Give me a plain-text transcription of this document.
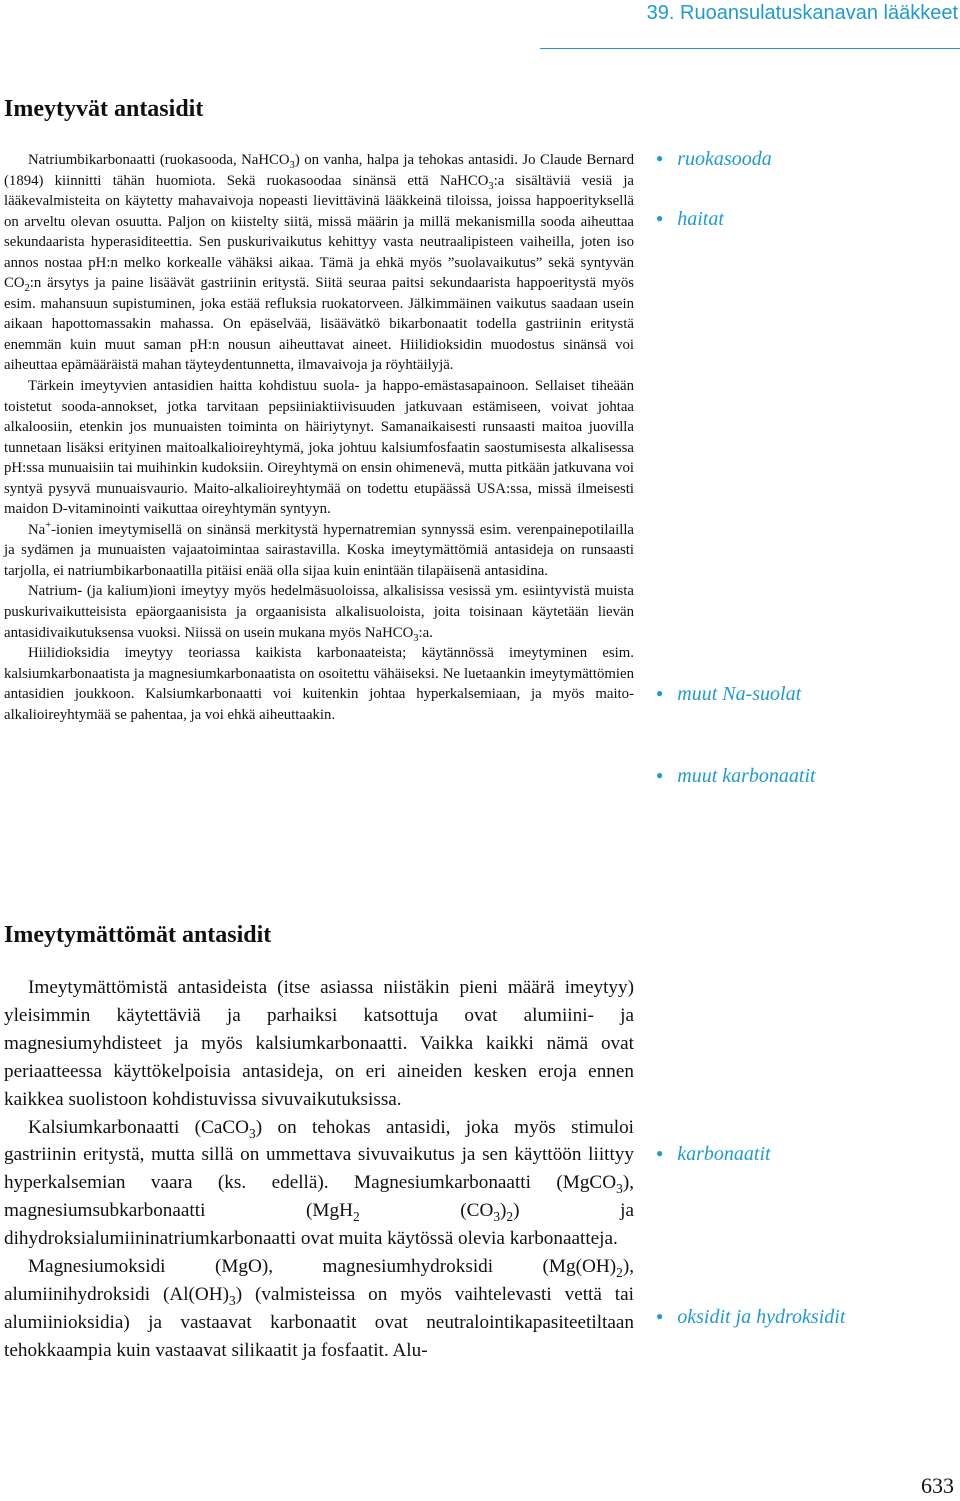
39. Ruoansulatuskanavan lääkkeet
Imeytyvät antasidit

Natriumbikarbonaatti (ruokasooda, NaHCO$_3$) on vanha, halpa ja tehokas antasidi. Jo Claude Bernard (1894) kiinnitti tähän huomiota. Sekä ruokasoodaa sinänsä että NaHCO$_3$:a sisältäviä vesiä ja lääkevalmisteita on käytetty mahavaivoja nopeasti lievittävinä lääkkeinä tiloissa, joissa happoerityksellä on arveltu olevan osuutta. Paljon on kiistelty siitä, missä määrin ja millä mekanismilla sooda aiheuttaa sekundaarista hyperasiditeettia. Sen puskurivaikutus kehittyy vasta neutraalipisteen vaiheilla, joten iso annos nostaa pH:n melko korkealle vähäksi aikaa. Tämä ja ehkä myös ”suolavaikutus” sekä syntyvän $CO_2:n$ ärsytys ja paine lisäävät gastriinin eritystä. Siitä seuraa paitsi sekundaarista happoeritystä myös esim. mahansuun supistuminen, joka estää refluksia ruokatorveen. Jälkimmäinen vaikutus saadaan usein aikaan hapottomassakin mahassa. On epäselvää, lisäävätkö bikarbonaatit todella gastriinin eritystä enemmän kuin muut saman pH:n nousun aiheuttavat aineet. Hiilidioksidin muodostus sinänsä voi aiheuttaa epämääräistä mahan täyteydentunnetta, ilmavaivoja ja röyhtäilyjä.

Tärkein imeytyvien antasidien haitta kohdistuu suola- ja happo-emästasapainoon. Sellaiset tiheään toistetut sooda-annokset, jotka tarvitaan pepsiiniaktiivisuuden jatkuvaan estämiseen, voivat johtaa alkaloosiin, etenkin jos munuaisten toiminta on häiriytynyt. Samanaikaisesti runsaasti maitoa juovilla tunnetaan lisäksi erityinen maitoalkalioireyhtymä, joka johtuu kalsiumfosfaatin saostumisesta alkalisessa pH:ssa munuaisiin tai muihinkin kudoksiin. Oireyhtymä on ensin ohimenevä, mutta pitkään jatkuvana voi syntyä pysyvä munuaisvaurio. Maito-alkalioireyhtymää on todettu etupäässä USA:ssa, missä ilmeisesti maidon D-vitaminointi vaikuttaa oireyhtymän syntyyn.

Na+-ionien imeytymisellä on sinänsä merkitystä hypernatremian synnyssä esim. verenpainepotilailla ja sydämen ja munuaisten vajaatoimintaa sairastavilla. Koska imeytymättömiä antasideja on runsaasti tarjolla, ei natriumbikarbonaatilla pitäisi enää olla sijaa kuin enintään tilapäisenä antasidina.

Natrium- (ja kalium)ioni imeytyy myös hedelmäsuoloissa, alkalisissa vesissä ym. esiintyvistä muista puskurivaikutteisista epäorgaanisista ja orgaanisista alkalisuoloista, joita toisinaan käytetään lievän antasidivaikutuksensa vuoksi. Niissä on usein mukana myös NaHCO$_3$:a.

Hiilidioksidia imeytyy teoriassa kaikista karbonaateista; käytännössä imeytyminen esim. kalsiumkarbonaatista ja magnesiumkarbonaatista on osoitettu vähäiseksi. Ne luetaankin imeytymättömien antasidien joukkoon. Kalsiumkarbonaatti voi kuitenkin johtaa hyperkalsemiaan, ja myös maito-alkalioireyhtymää se pahentaa, ja voi ehkä aiheuttaakin.

Imeytymättömät antasidit

Imeytymättömistä antasideista (itse asiassa niistäkin pieni määrä imeytyy) yleisimmin käytettäviä ja parhaiksi katsottuja ovat alumiini- ja magnesiumyhdisteet ja myös kalsiumkarbonaatti. Vaikka kaikki nämä ovat periaatteessa käyttökelpoisia antasideja, on eri aineiden kesken eroja ennen kaikkea suolistoon kohdistuvissa sivuvaikutuksissa.

Kalsiumkarbonaatti (CaCO$_3$) on tehokas antasidi, joka myös stimuloi gastriinin eritystä, mutta sillä on ummettava sivuvaikutus ja sen käyttöön liittyy hyperkalsemian vaara (ks. edellä). Magnesiumkarbonaatti (MgCO$_3$), magnesiumsubkarbonaatti (MgH$_2$ $(CO_3)_2$) ja dihydroksialumiininatriumkarbonaatti ovat muita käytössä olevia karbonaatteja.

Magnesiumoksidi (MgO), magnesiumhydroksidi $(Mg(OH)_2)$, alumiinihydroksidi $(Al(OH)_3)$ (valmisteissa on myös vaihtelevasti vettä tai alumiinioksidia) ja vastaavat karbonaatit ovat neutralointikapasiteetiltaan tehokkaampia kuin vastaavat silikaatit ja fosfaatit. Alu-

● ruokasooda
● haitat
● muut Na-suolat
● muut karbonaatit
● karbonaatit
● oksidit ja hydroksidit
633
